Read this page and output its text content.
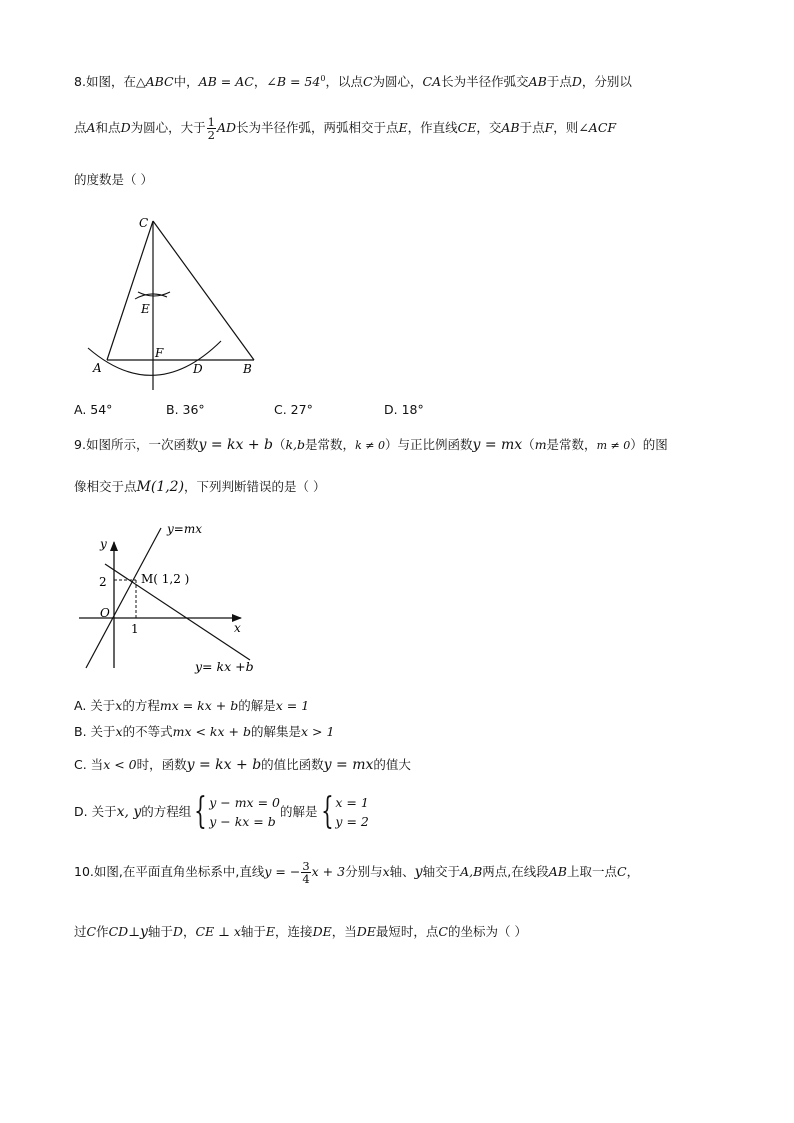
8.如图，在△ABC中，AB = AC，∠B = $54^0$，以点C为圆心，CA长为半径作弧交AB于点D，分别以
点A和点D为圆心，大于 $\frac{1}{2}$ AD长为半径作弧，两弧相交于点E，作直线CE，交AB于点F，则∠ACF
的度数是（ ）
C
E
F
A	D	B
A. 54°	B. 36°	C. 27°	D. 18°
9.如图所示，一次函数y = kx + b（k,b是常数，k ≠ 0）与正比例函数y = mx（m是常数，m ≠ 0）的图
像相交于点M(1,2)，下列判断错误的是（ ）
y=mx
y
2	M( 1,2 )
O
1	x
y= kx +b
A. 关于x的方程mx = kx + b的解是x = 1
B. 关于x的不等式mx < kx + b的解集是x > 1
C. 当x < 0时，函数y = kx + b的值比函数y = mx的值大
D. 关于x, y的方程组{ y − mx = 0
y − kx = b
的解是{ x = 1
y = 2
10.如图,在平面直角坐标系中,直线y = − $\frac{3}{4}$ x + 3分别与x轴、y轴交于A,B两点,在线段AB上取一点C，
过C作CD⊥y轴于D，CE ⊥ x轴于E，连接DE，当DE最短时，点C的坐标为（ ）
